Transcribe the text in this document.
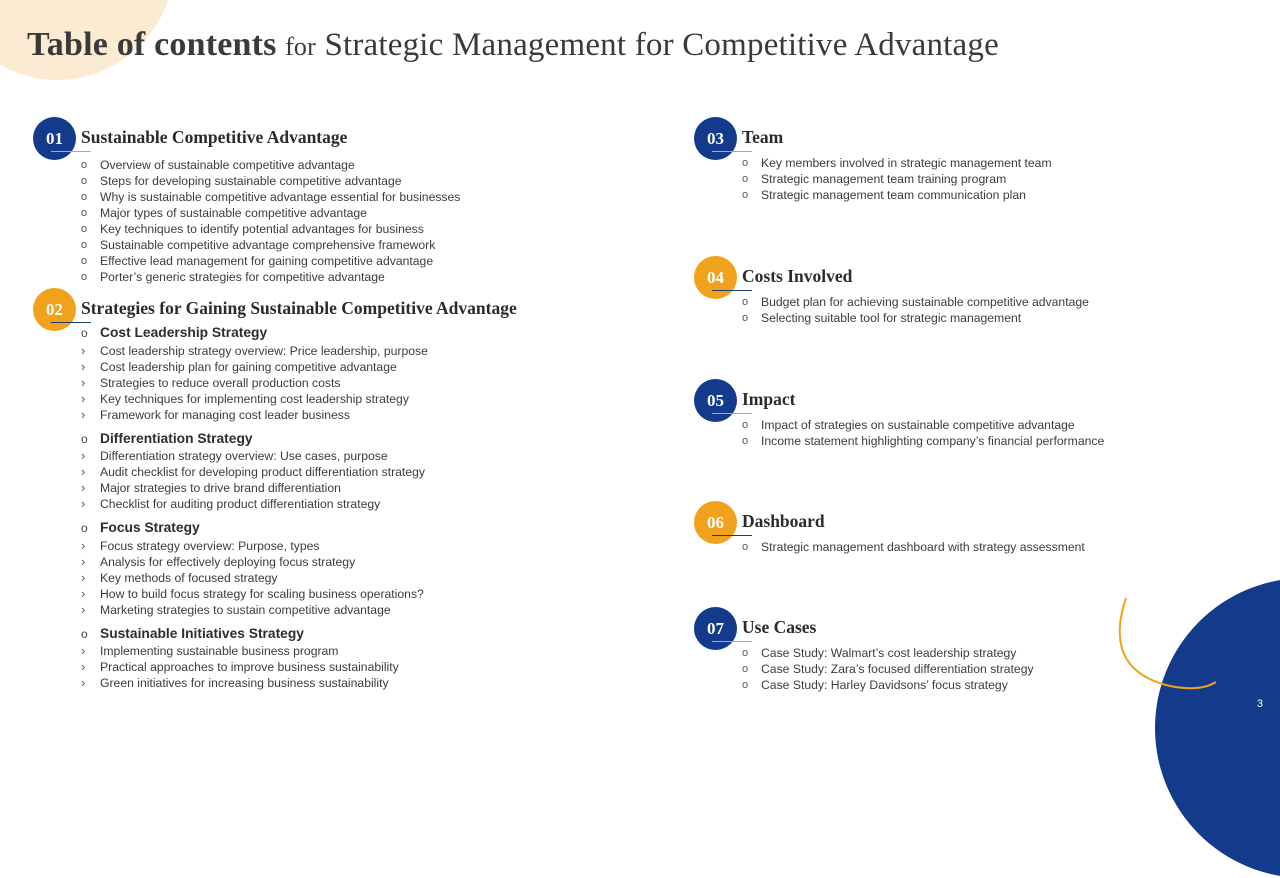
3
Table of contents for Strategic Management for Competitive Advantage
01	Sustainable Competitive Advantage
o Overview of sustainable competitive advantage
o Steps for developing sustainable competitive advantage
o Why is sustainable competitive advantage essential for businesses
o Major types of sustainable competitive advantage
o Key techniques to identify potential advantages for business
o Sustainable competitive advantage comprehensive framework
o Effective lead management for gaining competitive advantage
o Porter’s generic strategies for competitive advantage
02	Strategies for Gaining Sustainable Competitive Advantage
o Cost Leadership Strategy
› Cost leadership strategy overview: Price leadership, purpose
› Cost leadership plan for gaining competitive advantage
› Strategies to reduce overall production costs
› Key techniques for implementing cost leadership strategy
› Framework for managing cost leader business
o Differentiation Strategy
› Differentiation strategy overview: Use cases, purpose
› Audit checklist for developing product differentiation strategy
› Major strategies to drive brand differentiation
› Checklist for auditing product differentiation strategy
o Focus Strategy
› Focus strategy overview: Purpose, types
› Analysis for effectively deploying focus strategy
› Key methods of focused strategy
› How to build focus strategy for scaling business operations?
› Marketing strategies to sustain competitive advantage
o Sustainable Initiatives Strategy
› Implementing sustainable business program
› Practical approaches to improve business sustainability
› Green initiatives for increasing business sustainability
03	Team
o Key members involved in strategic management team
o Strategic management team training program
o Strategic management team communication plan
04	Costs Involved
o Budget plan for achieving sustainable competitive advantage
o Selecting suitable tool for strategic management
05	Impact
o Impact of strategies on sustainable competitive advantage
o Income statement highlighting company’s financial performance
06	Dashboard
o Strategic management dashboard with strategy assessment
07	Use Cases
o Case Study: Walmart’s cost leadership strategy
o Case Study: Zara’s focused differentiation strategy
o Case Study: Harley Davidsons’ focus strategy
